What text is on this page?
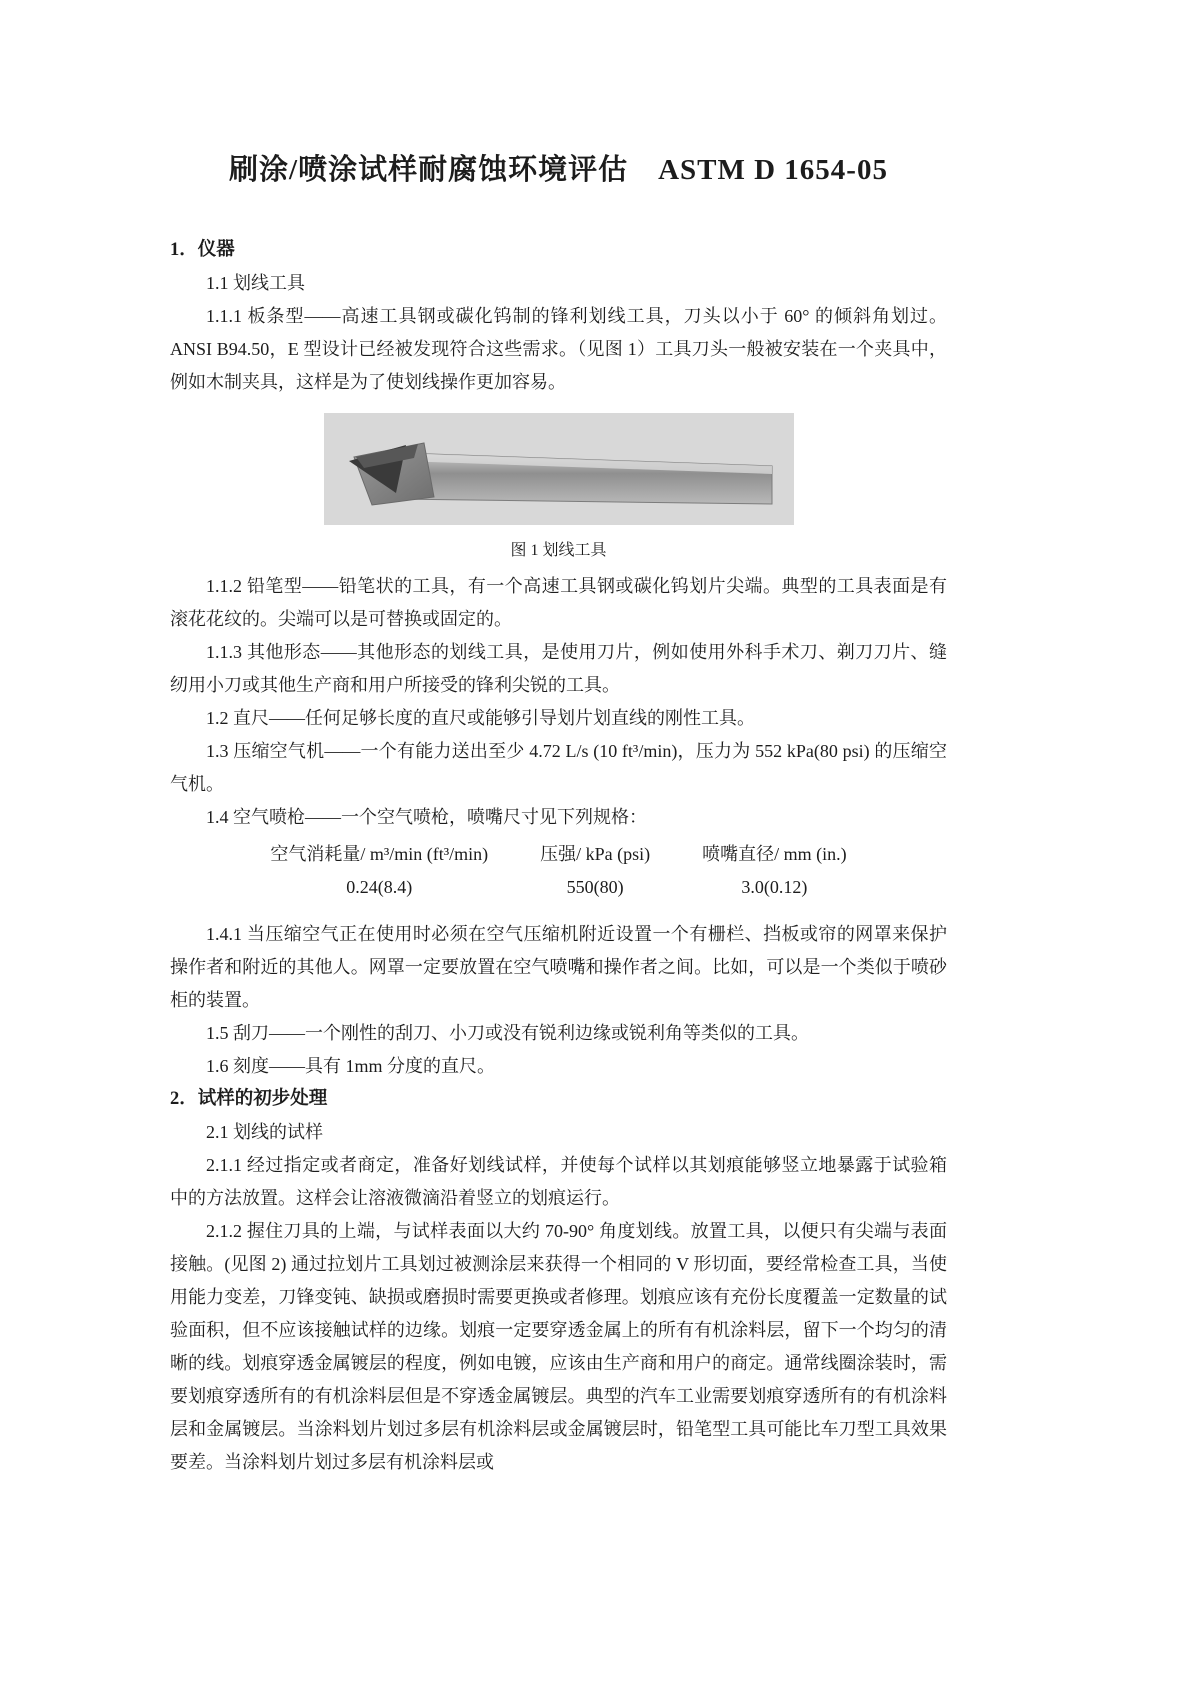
刷涂/喷涂试样耐腐蚀环境评估　ASTM D 1654-05
1．仪器

1.1 划线工具

1.1.1 板条型——高速工具钢或碳化钨制的锋利划线工具，刀头以小于 60° 的倾斜角划过。ANSI B94.50，E 型设计已经被发现符合这些需求。（见图 1）工具刀头一般被安装在一个夹具中，例如木制夹具，这样是为了使划线操作更加容易。

图 1 划线工具

1.1.2 铅笔型——铅笔状的工具，有一个高速工具钢或碳化钨划片尖端。典型的工具表面是有滚花花纹的。尖端可以是可替换或固定的。

1.1.3 其他形态——其他形态的划线工具，是使用刀片，例如使用外科手术刀、剃刀刀片、缝纫用小刀或其他生产商和用户所接受的锋利尖锐的工具。

1.2 直尺——任何足够长度的直尺或能够引导划片划直线的刚性工具。

1.3 压缩空气机——一个有能力送出至少 4.72 L/s (10 ft³/min)，压力为 552 kPa(80 psi) 的压缩空气机。

1.4 空气喷枪——一个空气喷枪，喷嘴尺寸见下列规格：

空气消耗量/ m³/min (ft³/min)
0.24(8.4)
压强/ kPa (psi)
550(80)
喷嘴直径/ mm (in.)
3.0(0.12)

1.4.1 当压缩空气正在使用时必须在空气压缩机附近设置一个有栅栏、挡板或帘的网罩来保护操作者和附近的其他人。网罩一定要放置在空气喷嘴和操作者之间。比如，可以是一个类似于喷砂柜的装置。

1.5 刮刀——一个刚性的刮刀、小刀或没有锐利边缘或锐利角等类似的工具。

1.6 刻度——具有 1mm 分度的直尺。

2．试样的初步处理

2.1 划线的试样

2.1.1 经过指定或者商定，准备好划线试样，并使每个试样以其划痕能够竖立地暴露于试验箱中的方法放置。这样会让溶液微滴沿着竖立的划痕运行。

2.1.2 握住刀具的上端，与试样表面以大约 70-90° 角度划线。放置工具，以便只有尖端与表面接触。(见图 2) 通过拉划片工具划过被测涂层来获得一个相同的 V 形切面，要经常检查工具，当使用能力变差，刀锋变钝、缺损或磨损时需要更换或者修理。划痕应该有充份长度覆盖一定数量的试验面积，但不应该接触试样的边缘。划痕一定要穿透金属上的所有有机涂料层，留下一个均匀的清晰的线。划痕穿透金属镀层的程度，例如电镀，应该由生产商和用户的商定。通常线圈涂装时，需要划痕穿透所有的有机涂料层但是不穿透金属镀层。典型的汽车工业需要划痕穿透所有的有机涂料层和金属镀层。当涂料划片划过多层有机涂料层或金属镀层时，铅笔型工具可能比车刀型工具效果要差。当涂料划片划过多层有机涂料层或
